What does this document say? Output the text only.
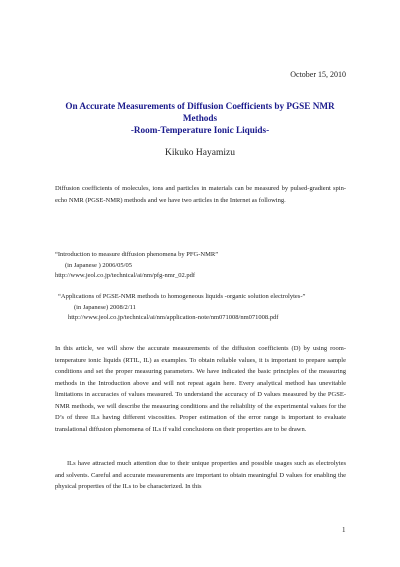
October 15, 2010
On Accurate Measurements of Diffusion Coefficients by PGSE NMR
Methods
-Room-Temperature Ionic Liquids-
Kikuko Hayamizu
Diffusion coefficients of molecules, ions and particles in materials can be measured by pulsed-gradient spin-echo NMR (PGSE-NMR) methods and we have two articles in the Internet as following.
“Introduction to measure diffusion phenomena by PFG-NMR”
(in Japanese ) 2006/05/05
http://www.jeol.co.jp/technical/ai/nm/pfg-nmr_02.pdf
“Applications of PGSE-NMR methods to homogeneous liquids -organic solution electrolytes-”
(in Japanese) 2008/2/11
http://www.jeol.co.jp/technical/ai/nm/application-note/nm071008/nm071008.pdf
In this article, we will show the accurate measurements of the diffusion coefficients (D) by using room-temperature ionic liquids (RTIL, IL) as examples. To obtain reliable values, it is important to prepare sample conditions and set the proper measuring parameters. We have indicated the basic principles of the measuring methods in the Introduction above and will not repeat again here. Every analytical method has unevitable limitations in accuracies of values measured. To understand the accuracy of D values measured by the PGSE-NMR methods, we will describe the measuring conditions and the reliability of the experimental values for the D’s of three ILs having different viscosities. Proper estimation of the error range is important to evaluate translational diffusion phenomena of ILs if valid conclusions on their properties are to be drawn.
ILs have attracted much attention due to their unique properties and possible usages such as electrolytes and solvents. Careful and accurate measurements are important to obtain meaningful D values for enabling the physical properties of the ILs to be characterized. In this
1
